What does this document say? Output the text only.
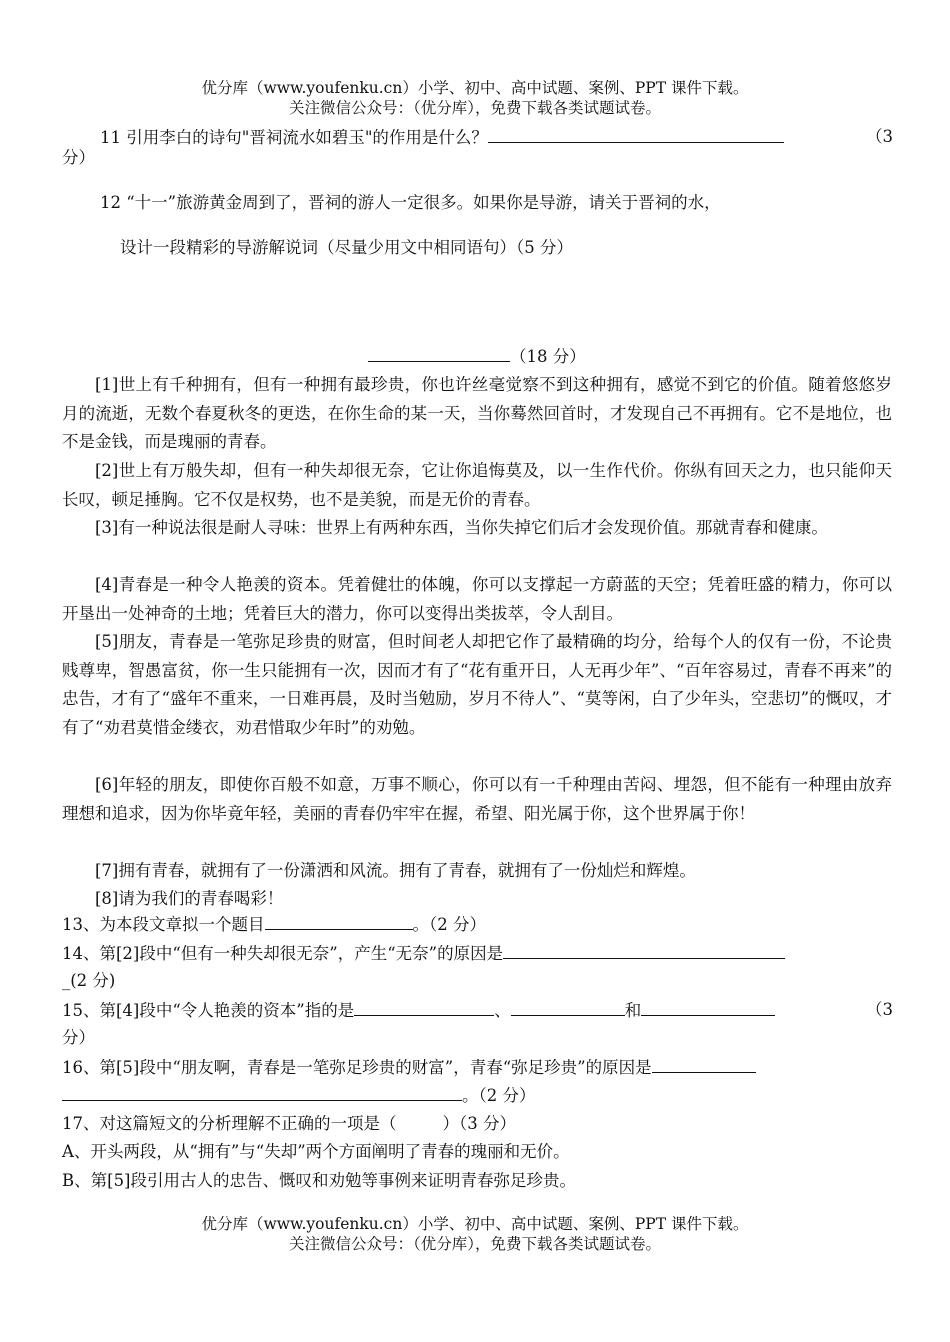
优分库（www.youfenku.cn）小学、初中、高中试题、案例、PPT 课件下载。
关注微信公众号：（优分库），免费下载各类试题试卷。
11 引用李白的诗句"晋祠流水如碧玉"的作用是什么？	（3
分）
12 “十一”旅游黄金周到了，晋祠的游人一定很多。如果你是导游，请关于晋祠的水，
设计一段精彩的导游解说词（尽量少用文中相同语句）（5 分）
（18 分）
[1]世上有千种拥有，但有一种拥有最珍贵，你也许丝毫觉察不到这种拥有，感觉不到它的价值。随着悠悠岁月的流逝，无数个春夏秋冬的更迭，在你生命的某一天，当你蓦然回首时，才发现自己不再拥有。它不是地位，也不是金钱，而是瑰丽的青春。
[2]世上有万般失却，但有一种失却很无奈，它让你追悔莫及，以一生作代价。你纵有回天之力，也只能仰天长叹，顿足捶胸。它不仅是权势，也不是美貌，而是无价的青春。
[3]有一种说法很是耐人寻味：世界上有两种东西，当你失掉它们后才会发现价值。那就青春和健康。
[4]青春是一种令人艳羡的资本。凭着健壮的体魄，你可以支撑起一方蔚蓝的天空；凭着旺盛的精力，你可以开垦出一处神奇的土地；凭着巨大的潜力，你可以变得出类拔萃，令人刮目。
[5]朋友，青春是一笔弥足珍贵的财富，但时间老人却把它作了最精确的均分，给每个人的仅有一份，不论贵贱尊卑，智愚富贫，你一生只能拥有一次，因而才有了“花有重开日，人无再少年”、“百年容易过，青春不再来”的忠告，才有了“盛年不重来，一日难再晨，及时当勉励，岁月不待人”、“莫等闲，白了少年头，空悲切”的慨叹，才有了“劝君莫惜金缕衣，劝君惜取少年时”的劝勉。
[6]年轻的朋友，即使你百般不如意，万事不顺心，你可以有一千种理由苦闷、埋怨，但不能有一种理由放弃理想和追求，因为你毕竟年轻，美丽的青春仍牢牢在握，希望、阳光属于你，这个世界属于你！
[7]拥有青春，就拥有了一份潇洒和风流。拥有了青春，就拥有了一份灿烂和辉煌。
[8]请为我们的青春喝彩！
13、为本段文章拟一个题目	。（2 分）
14、第[2]段中“但有一种失却很无奈”，产生“无奈”的原因是
_(2 分)
15、第[4]段中“令人艳羡的资本”指的是	、	和	（3
分）
16、第[5]段中“朋友啊，青春是一笔弥足珍贵的财富”，青春“弥足珍贵”的原因是
。（2 分）
17、对这篇短文的分析理解不正确的一项是（	）（3 分）
A、开头两段，从“拥有”与“失却”两个方面阐明了青春的瑰丽和无价。
B、第[5]段引用古人的忠告、慨叹和劝勉等事例来证明青春弥足珍贵。
优分库（www.youfenku.cn）小学、初中、高中试题、案例、PPT 课件下载。
关注微信公众号：（优分库），免费下载各类试题试卷。
